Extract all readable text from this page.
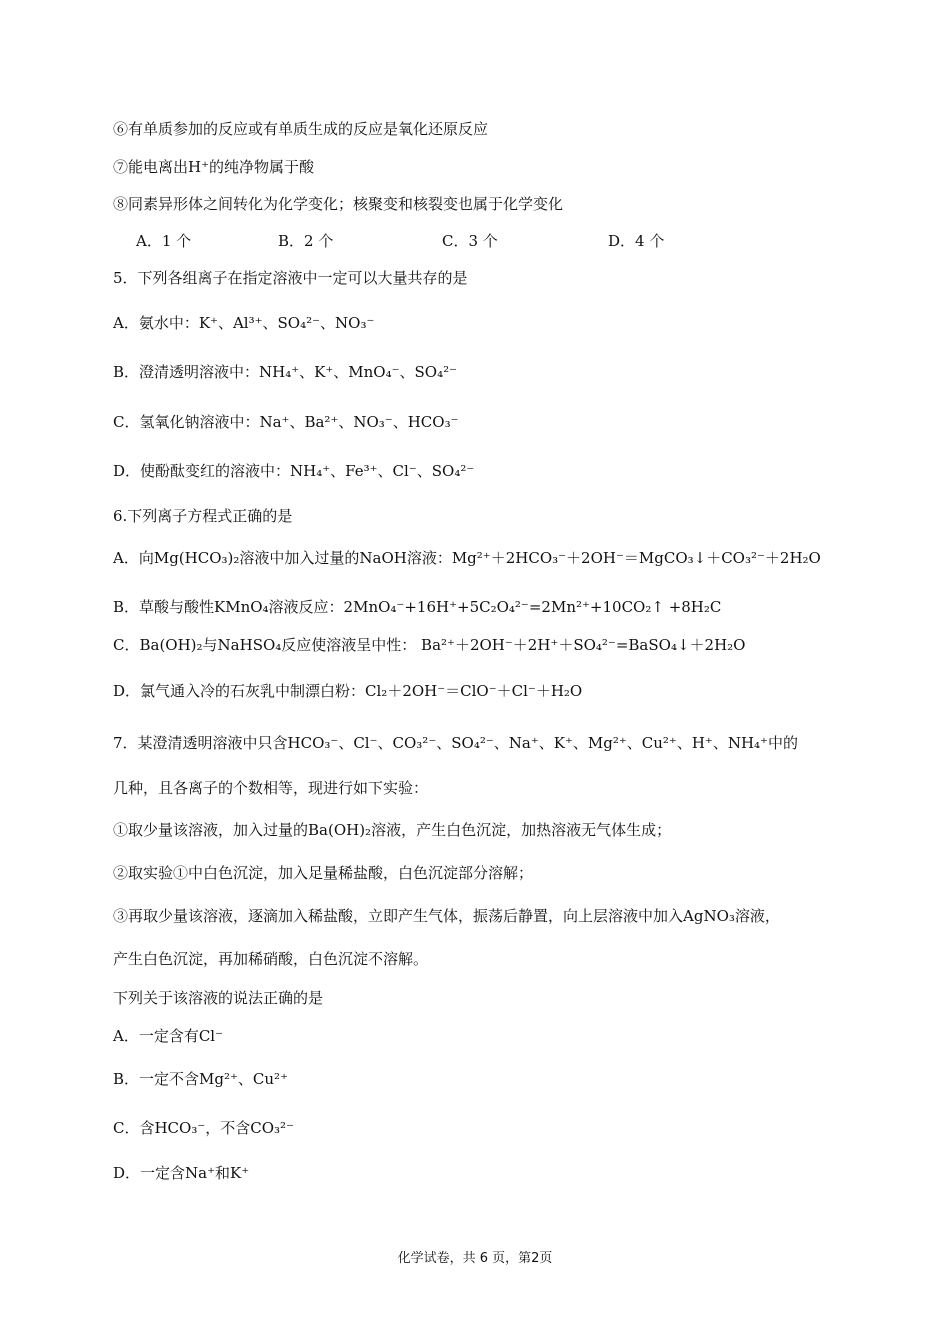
⑥有单质参加的反应或有单质生成的反应是氧化还原反应
⑦能电离出H⁺的纯净物属于酸
⑧同素异形体之间转化为化学变化；核聚变和核裂变也属于化学变化
A．1 个	B．2 个	C．3 个	D．4 个
5．下列各组离子在指定溶液中一定可以大量共存的是
A．氨水中：K⁺、Al³⁺、SO₄²⁻、NO₃⁻
B．澄清透明溶液中：NH₄⁺、K⁺、MnO₄⁻、SO₄²⁻
C．氢氧化钠溶液中：Na⁺、Ba²⁺、NO₃⁻、HCO₃⁻
D．使酚酞变红的溶液中：NH₄⁺、Fe³⁺、Cl⁻、SO₄²⁻
6.下列离子方程式正确的是
A．向Mg(HCO₃)₂溶液中加入过量的NaOH溶液：Mg²⁺＋2HCO₃⁻＋2OH⁻＝MgCO₃↓＋CO₃²⁻＋2H₂O
B．草酸与酸性KMnO₄溶液反应：2MnO₄⁻+16H⁺+5C₂O₄²⁻=2Mn²⁺+10CO₂↑ +8H₂C
C．Ba(OH)₂与NaHSO₄反应使溶液呈中性： Ba²⁺＋2OH⁻＋2H⁺＋SO₄²⁻=BaSO₄↓＋2H₂O
D．氯气通入冷的石灰乳中制漂白粉：Cl₂＋2OH⁻＝ClO⁻＋Cl⁻＋H₂O
7．某澄清透明溶液中只含HCO₃⁻、Cl⁻、CO₃²⁻、SO₄²⁻、Na⁺、K⁺、Mg²⁺、Cu²⁺、H⁺、NH₄⁺中的
几种，且各离子的个数相等，现进行如下实验：
①取少量该溶液，加入过量的Ba(OH)₂溶液，产生白色沉淀，加热溶液无气体生成；
②取实验①中白色沉淀，加入足量稀盐酸，白色沉淀部分溶解；
③再取少量该溶液，逐滴加入稀盐酸，立即产生气体，振荡后静置，向上层溶液中加入AgNO₃溶液，
产生白色沉淀，再加稀硝酸，白色沉淀不溶解。
下列关于该溶液的说法正确的是
A．一定含有Cl⁻
B．一定不含Mg²⁺、Cu²⁺
C．含HCO₃⁻，不含CO₃²⁻
D．一定含Na⁺和K⁺
化学试卷，共 6 页，第2页
